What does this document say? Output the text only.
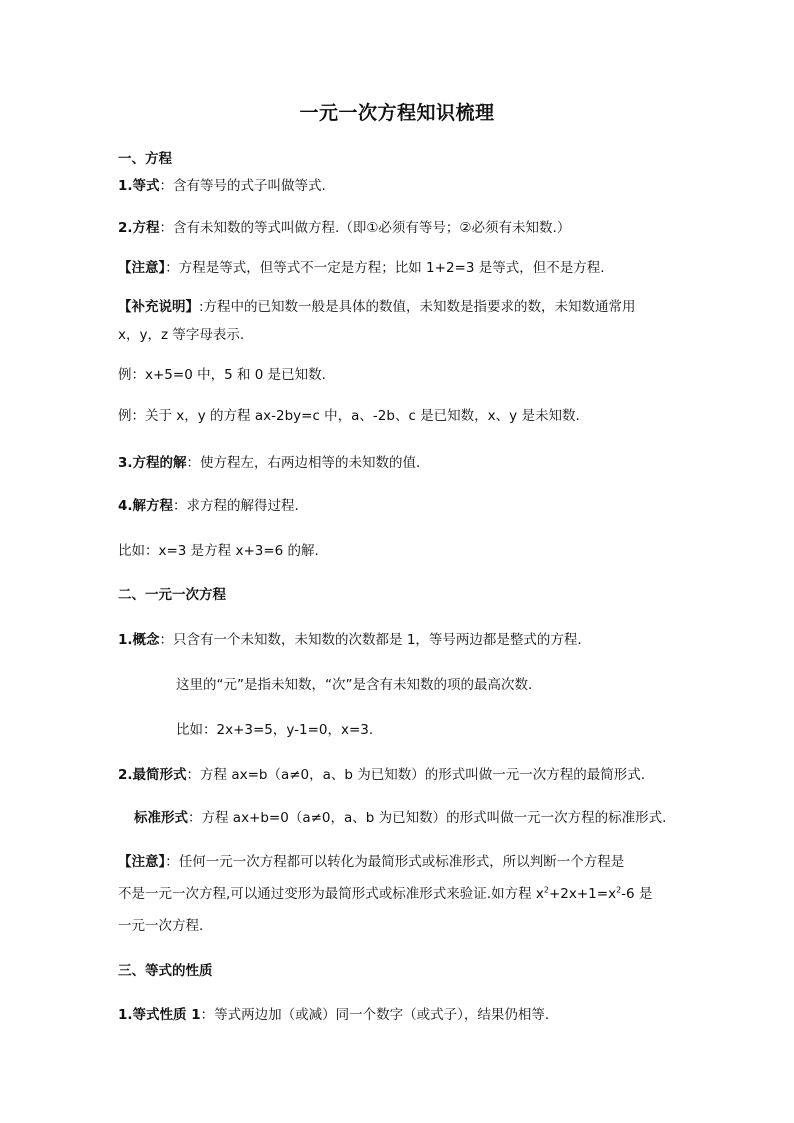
一元一次方程知识梳理
一、方程
1.等式：含有等号的式子叫做等式.
2.方程：含有未知数的等式叫做方程.（即①必须有等号；②必须有未知数.）
【注意】：方程是等式，但等式不一定是方程；比如 1+2=3 是等式，但不是方程.
【补充说明】:方程中的已知数一般是具体的数值，未知数是指要求的数，未知数通常用
x，y，z 等字母表示.
例：x+5=0 中，5 和 0 是已知数.
例：关于 x，y 的方程 ax-2by=c 中，a、-2b、c 是已知数，x、y 是未知数.
3.方程的解：使方程左，右两边相等的未知数的值.
4.解方程：求方程的解得过程.
比如：x=3 是方程 x+3=6 的解.
二、一元一次方程
1.概念：只含有一个未知数，未知数的次数都是 1，等号两边都是整式的方程.
这里的“元”是指未知数，“次”是含有未知数的项的最高次数.
比如：2x+3=5，y-1=0，x=3.
2.最简形式：方程 ax=b（a≠0，a、b 为已知数）的形式叫做一元一次方程的最简形式.
标准形式：方程 ax+b=0（a≠0，a、b 为已知数）的形式叫做一元一次方程的标准形式.
【注意】：任何一元一次方程都可以转化为最简形式或标准形式，所以判断一个方程是
不是一元一次方程,可以通过变形为最简形式或标准形式来验证.如方程 $x^2+2x+1=x^2-6$ 是
一元一次方程.
三、等式的性质
1.等式性质 1：等式两边加（或减）同一个数字（或式子），结果仍相等.
